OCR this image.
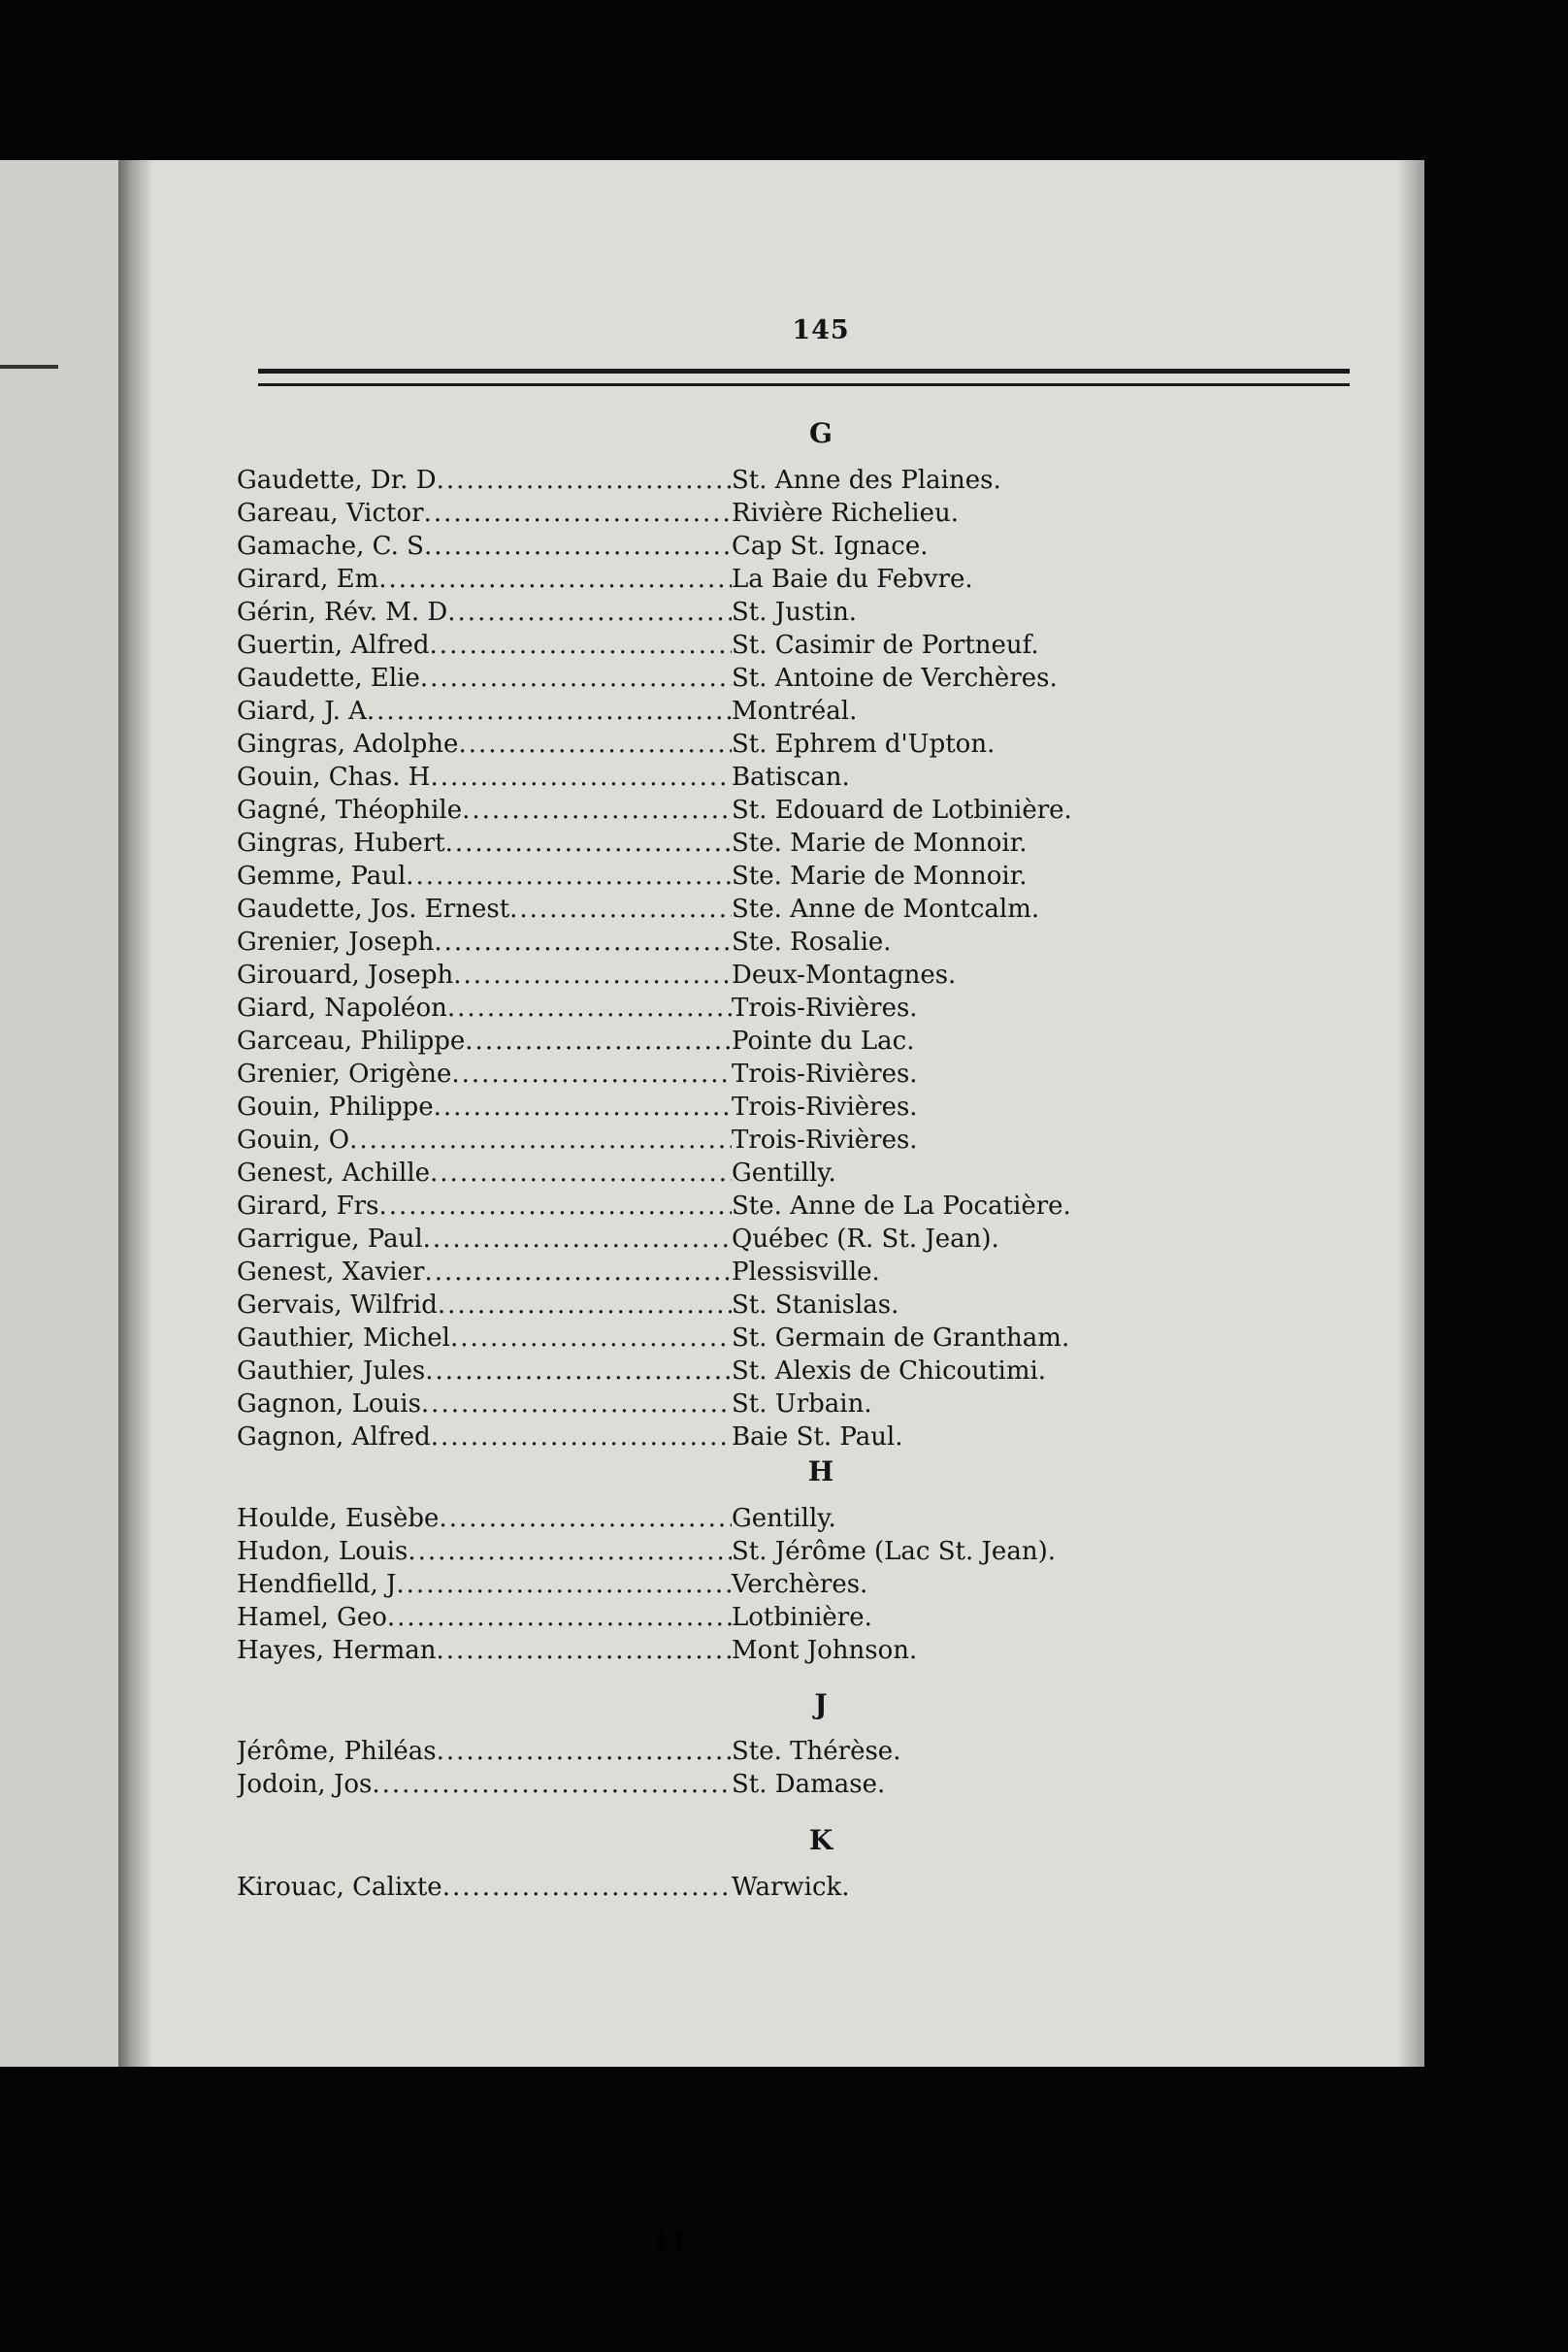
145
G
Gaudette, Dr. D .....	St. Anne des Plaines.
Gareau, Victor .....	Rivière Richelieu.
Gamache, C. S .....	Cap St. Ignace.
Girard, Em .....	La Baie du Febvre.
Gérin, Rév. M. D .....	St. Justin.
Guertin, Alfred .....	St. Casimir de Portneuf.
Gaudette, Elie .....	St. Antoine de Verchères.
Giard, J. A .....	Montréal.
Gingras, Adolphe .....	St. Ephrem d'Upton.
Gouin, Chas. H .....	Batiscan.
Gagné, Théophile .....	St. Edouard de Lotbinière.
Gingras, Hubert .....	Ste. Marie de Monnoir.
Gemme, Paul .....	Ste. Marie de Monnoir.
Gaudette, Jos. Ernest .....	Ste. Anne de Montcalm.
Grenier, Joseph .....	Ste. Rosalie.
Girouard, Joseph .....	Deux-Montagnes.
Giard, Napoléon .....	Trois-Rivières.
Garceau, Philippe .....	Pointe du Lac.
Grenier, Origène .....	Trois-Rivières.
Gouin, Philippe .....	Trois-Rivières.
Gouin, O .....	Trois-Rivières.
Genest, Achille .....	Gentilly.
Girard, Frs .....	Ste. Anne de La Pocatière.
Garrigue, Paul .....	Québec (R. St. Jean).
Genest, Xavier .....	Plessisville.
Gervais, Wilfrid .....	St. Stanislas.
Gauthier, Michel .....	St. Germain de Grantham.
Gauthier, Jules .....	St. Alexis de Chicoutimi.
Gagnon, Louis .....	St. Urbain.
Gagnon, Alfred .....	Baie St. Paul.
H
Houlde, Eusèbe .....	Gentilly.
Hudon, Louis .....	St. Jérôme (Lac St. Jean).
Hendfielld, J .....	Verchères.
Hamel, Geo .....	Lotbinière.
Hayes, Herman .....	Mont Johnson.
J
Jérôme, Philéas .....	Ste. Thérèse.
Jodoin, Jos .....	St. Damase.
K
Kirouac, Calixte .....	Warwick.
11
